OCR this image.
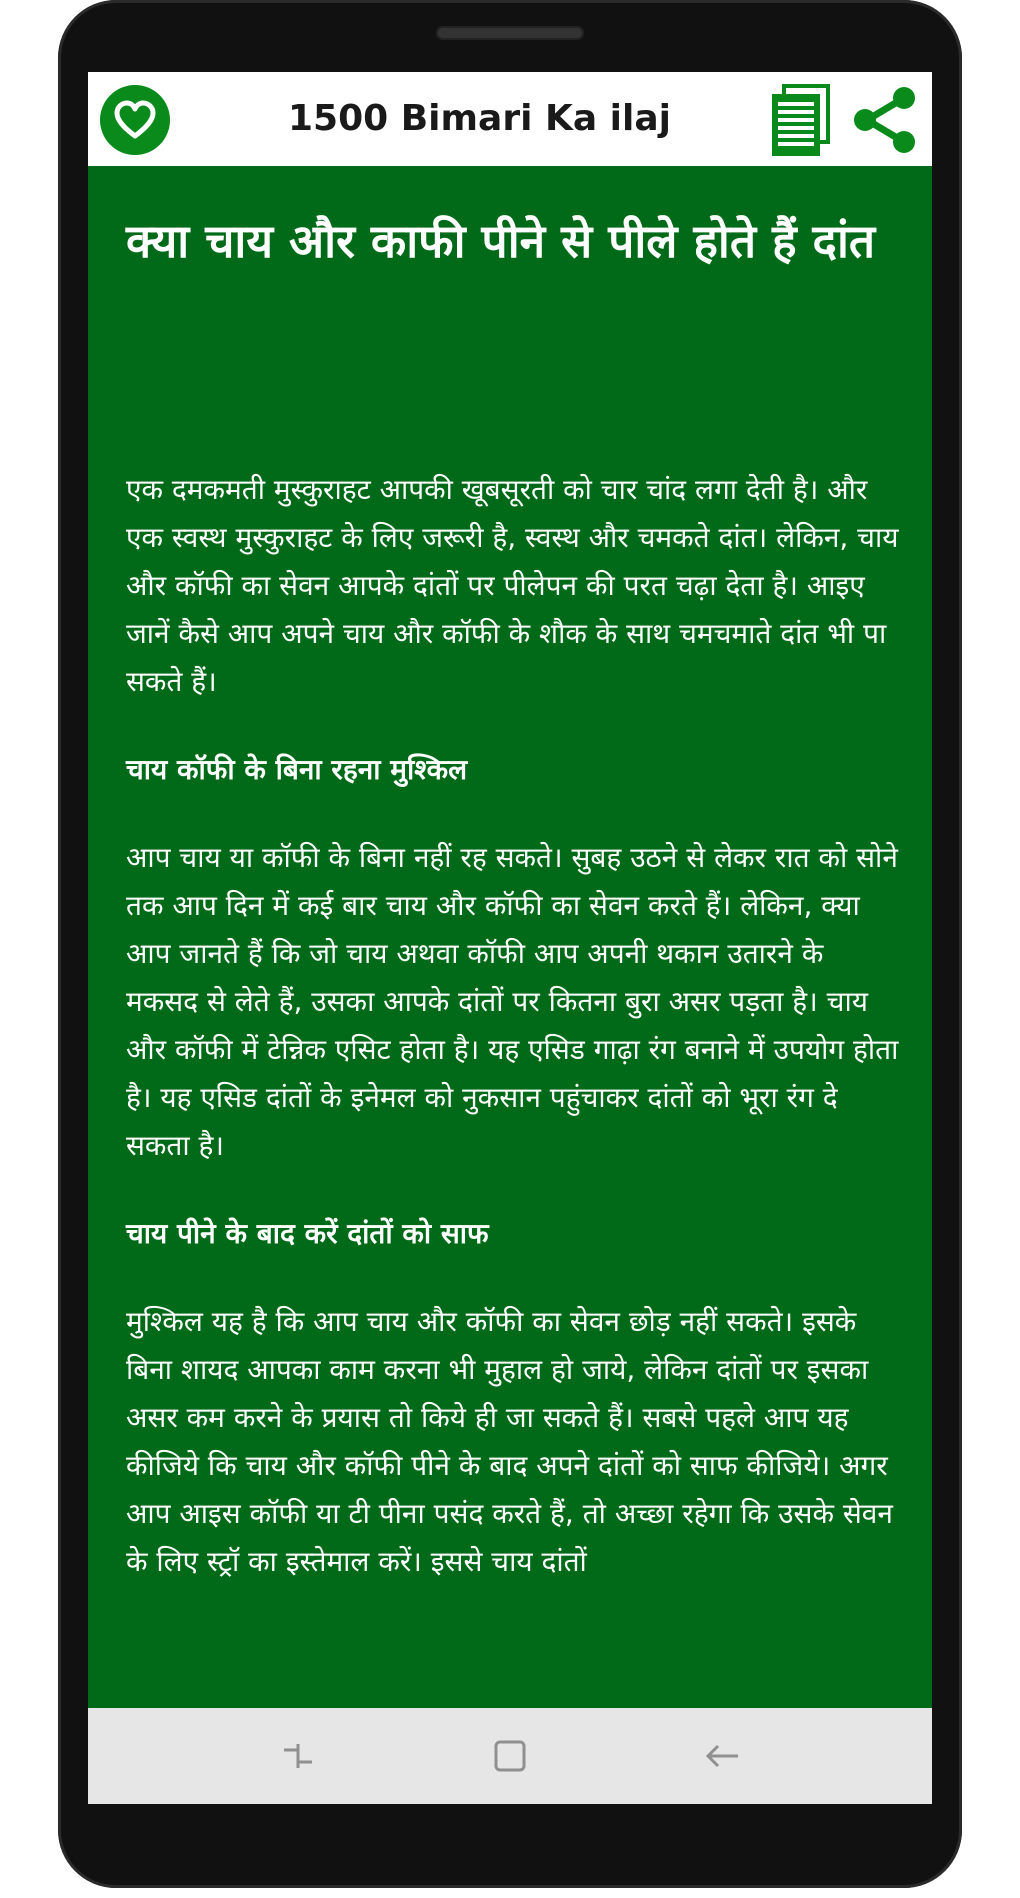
1500 Bimari Ka ilaj
क्या चाय और काफी पीने से पीले होते हैं दांत

एक दमकमती मुस्कुराहट आपकी खूबसूरती को चार चांद लगा देती है। और एक स्वस्थ मुस्कुराहट के लिए जरूरी है, स्वस्थ और चमकते दांत। लेकिन, चाय और कॉफी का सेवन आपके दांतों पर पीलेपन की परत चढ़ा देता है। आइए जानें कैसे आप अपने चाय और कॉफी के शौक के साथ चमचमाते दांत भी पा सकते हैं।

चाय कॉफी के बिना रहना मुश्किल

आप चाय या कॉफी के बिना नहीं रह सकते। सुबह उठने से लेकर रात को सोने तक आप दिन में कई बार चाय और कॉफी का सेवन करते हैं। लेकिन, क्या आप जानते हैं कि जो चाय अथवा कॉफी आप अपनी थकान उतारने के मकसद से लेते हैं, उसका आपके दांतों पर कितना बुरा असर पड़ता है। चाय और कॉफी में टेन्निक एसिट होता है। यह एसिड गाढ़ा रंग बनाने में उपयोग होता है। यह एसिड दांतों के इनेमल को नुकसान पहुंचाकर दांतों को भूरा रंग दे सकता है।

चाय पीने के बाद करें दांतों को साफ

मुश्किल यह है कि आप चाय और कॉफी का सेवन छोड़ नहीं सकते। इसके बिना शायद आपका काम करना भी मुहाल हो जाये, लेकिन दांतों पर इसका असर कम करने के प्रयास तो किये ही जा सकते हैं। सबसे पहले आप यह कीजिये कि चाय और कॉफी पीने के बाद अपने दांतों को साफ कीजिये। अगर आप आइस कॉफी या टी पीना पसंद करते हैं, तो अच्छा रहेगा कि उसके सेवन के लिए स्ट्रॉ का इस्तेमाल करें। इससे चाय दांतों
